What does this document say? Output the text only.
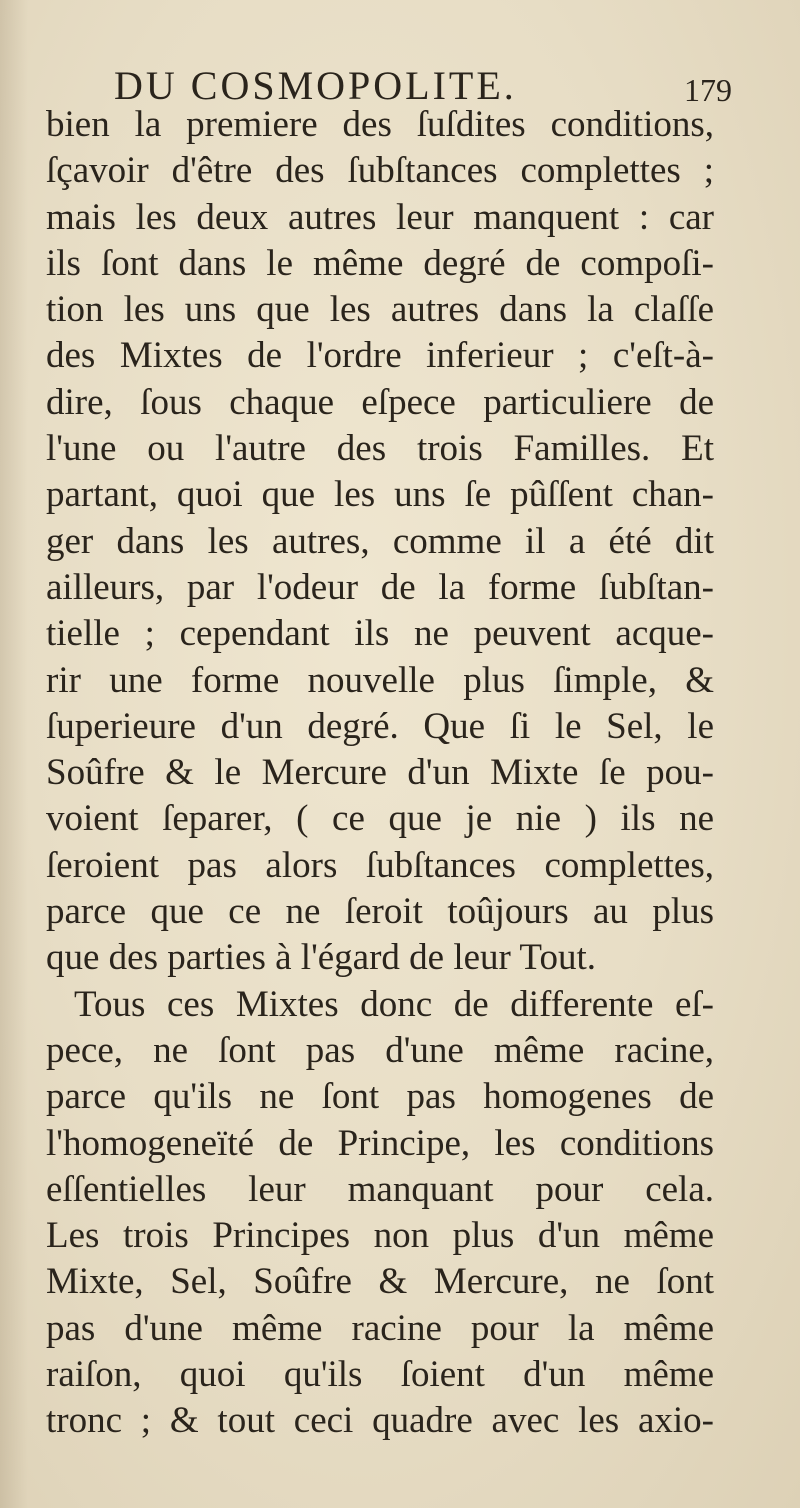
DU COSMOPOLITE.	179
bien la premiere des ſuſdites conditions,
ſçavoir d'être des ſubſtances complettes ;
mais les deux autres leur manquent : car
ils ſont dans le même degré de compoſi-
tion les uns que les autres dans la claſſe
des Mixtes de l'ordre inferieur ; c'eſt-à-
dire, ſous chaque eſpece particuliere de
l'une ou l'autre des trois Familles. Et
partant, quoi que les uns ſe pûſſent chan-
ger dans les autres, comme il a été dit
ailleurs, par l'odeur de la forme ſubſtan-
tielle ; cependant ils ne peuvent acque-
rir une forme nouvelle plus ſimple, &
ſuperieure d'un degré. Que ſi le Sel, le
Soûfre & le Mercure d'un Mixte ſe pou-
voient ſeparer, ( ce que je nie ) ils ne
ſeroient pas alors ſubſtances complettes,
parce que ce ne ſeroit toûjours au plus
que des parties à l'égard de leur Tout.
Tous ces Mixtes donc de differente eſ-
pece, ne ſont pas d'une même racine,
parce qu'ils ne ſont pas homogenes de
l'homogeneïté de Principe, les conditions
eſſentielles leur manquant pour cela.
Les trois Principes non plus d'un même
Mixte, Sel, Soûfre & Mercure, ne ſont
pas d'une même racine pour la même
raiſon, quoi qu'ils ſoient d'un même
tronc ; & tout ceci quadre avec les axio-
